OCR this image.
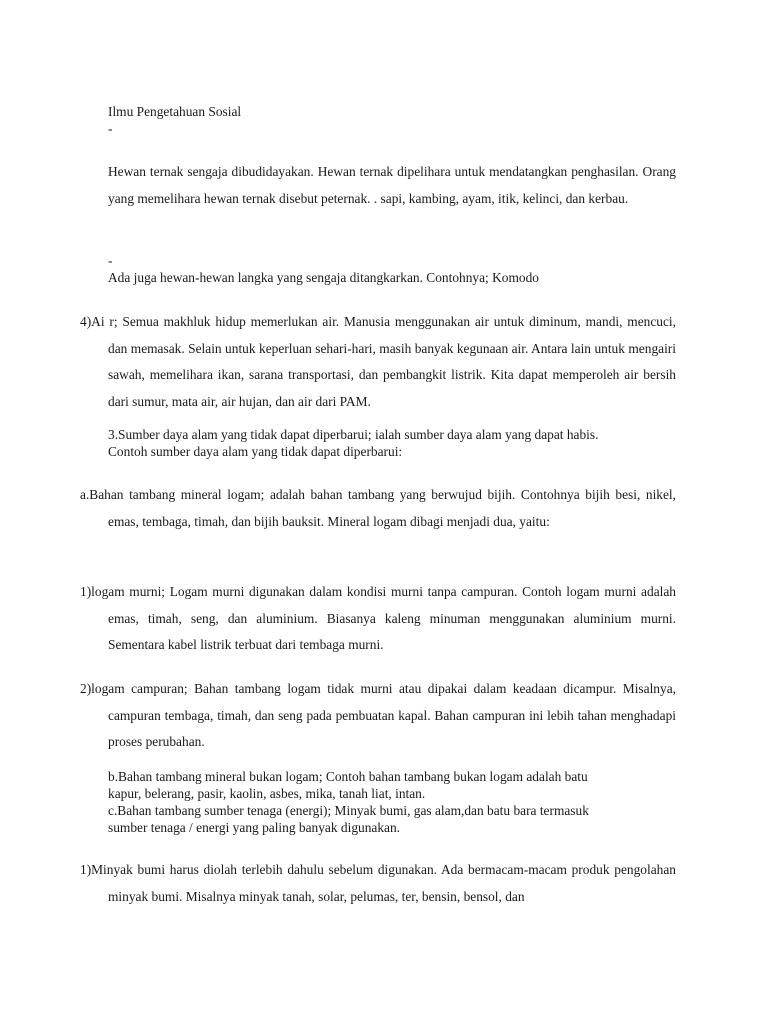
Ilmu Pengetahuan Sosial
-

Hewan ternak sengaja dibudidayakan. Hewan ternak dipelihara untuk mendatangkan penghasilan. Orang yang memelihara hewan ternak disebut peternak. . sapi, kambing, ayam, itik, kelinci, dan kerbau.

-
Ada juga hewan-hewan langka yang sengaja ditangkarkan. Contohnya; Komodo

4)Ai r; Semua makhluk hidup memerlukan air. Manusia menggunakan air untuk diminum, mandi, mencuci, dan memasak. Selain untuk keperluan sehari-hari, masih banyak kegunaan air. Antara lain untuk mengairi sawah, memelihara ikan, sarana transportasi, dan pembangkit listrik. Kita dapat memperoleh air bersih dari sumur, mata air, air hujan, dan air dari PAM.

3.Sumber daya alam yang tidak dapat diperbarui; ialah sumber daya alam yang dapat habis.
Contoh sumber daya alam yang tidak dapat diperbarui:

a.Bahan tambang mineral logam; adalah bahan tambang yang berwujud bijih. Contohnya bijih besi, nikel, emas, tembaga, timah, dan bijih bauksit. Mineral logam dibagi menjadi dua, yaitu:

1)logam murni; Logam murni digunakan dalam kondisi murni tanpa campuran. Contoh logam murni adalah emas, timah, seng, dan aluminium. Biasanya kaleng minuman menggunakan aluminium murni. Sementara kabel listrik terbuat dari tembaga murni.

2)logam campuran; Bahan tambang logam tidak murni atau dipakai dalam keadaan dicampur. Misalnya, campuran tembaga, timah, dan seng pada pembuatan kapal. Bahan campuran ini lebih tahan menghadapi proses perubahan.

b.Bahan tambang mineral bukan logam; Contoh bahan tambang bukan logam adalah batu
kapur, belerang, pasir, kaolin, asbes, mika, tanah liat, intan.
c.Bahan tambang sumber tenaga (energi); Minyak bumi, gas alam,dan batu bara termasuk
sumber tenaga / energi yang paling banyak digunakan.

1)Minyak bumi harus diolah terlebih dahulu sebelum digunakan. Ada bermacam-macam produk pengolahan minyak bumi. Misalnya minyak tanah, solar, pelumas, ter, bensin, bensol, dan
